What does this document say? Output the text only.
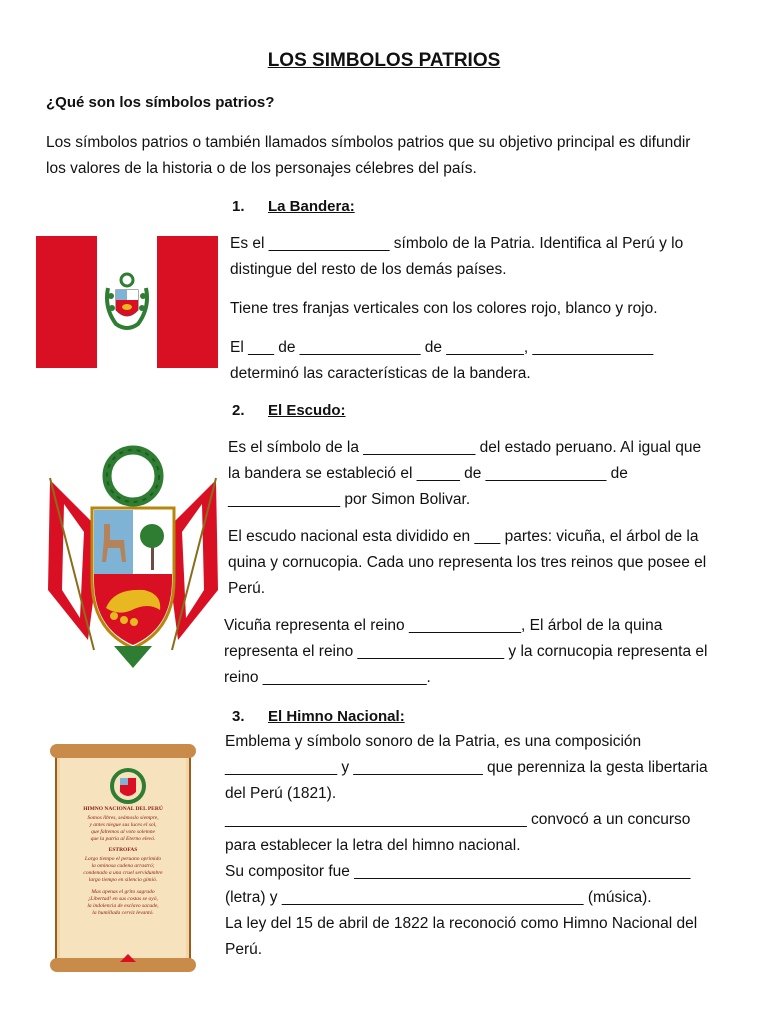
LOS SIMBOLOS PATRIOS
¿Qué son los símbolos patrios?
Los símbolos patrios o también llamados símbolos patrios que su objetivo principal es difundir
los valores de la historia o de los personajes célebres del país.
1. La Bandera:

Es el ______________ símbolo de la Patria. Identifica al Perú y lo

distingue del resto de los demás países.

Tiene tres franjas verticales con los colores rojo, blanco y rojo.

El ___ de ______________ de _________, ______________

determinó las características de la bandera.

2. El Escudo:

Es el símbolo de la _____________ del estado peruano. Al igual que

la bandera se estableció el _____ de ______________ de

_____________ por Simon Bolivar.

El escudo nacional esta dividido en ___ partes: vicuña, el árbol de la

quina y cornucopia. Cada uno representa los tres reinos que posee el

Perú.

Vicuña representa el reino _____________, El árbol de la quina

representa el reino _________________ y la cornucopia representa el

reino ___________________.

3. El Himno Nacional:
HIMNO NACIONAL DEL PERÚ
Somos libres, seámoslo siempre,
y antes niegue sus luces el sol,
que faltemos al voto solemne
que la patria al Eterno elevó.
ESTROFAS
Largo tiempo el peruano oprimido
la ominosa cadena arrastró;
condenado a una cruel servidumbre
largo tiempo en silencio gimió.
Mas apenas el grito sagrado
¡Libertad! en sus costas se oyó,
la indolencia de esclavo sacude,
la humillada cerviz levantó.

Emblema y símbolo sonoro de la Patria, es una composición

_____________ y _______________ que perenniza la gesta libertaria

del Perú (1821).

___________________________________ convocó a un concurso

para establecer la letra del himno nacional.

Su compositor fue _______________________________________

(letra) y ___________________________________ (música).

La ley del 15 de abril de 1822 la reconoció como Himno Nacional del

Perú.
